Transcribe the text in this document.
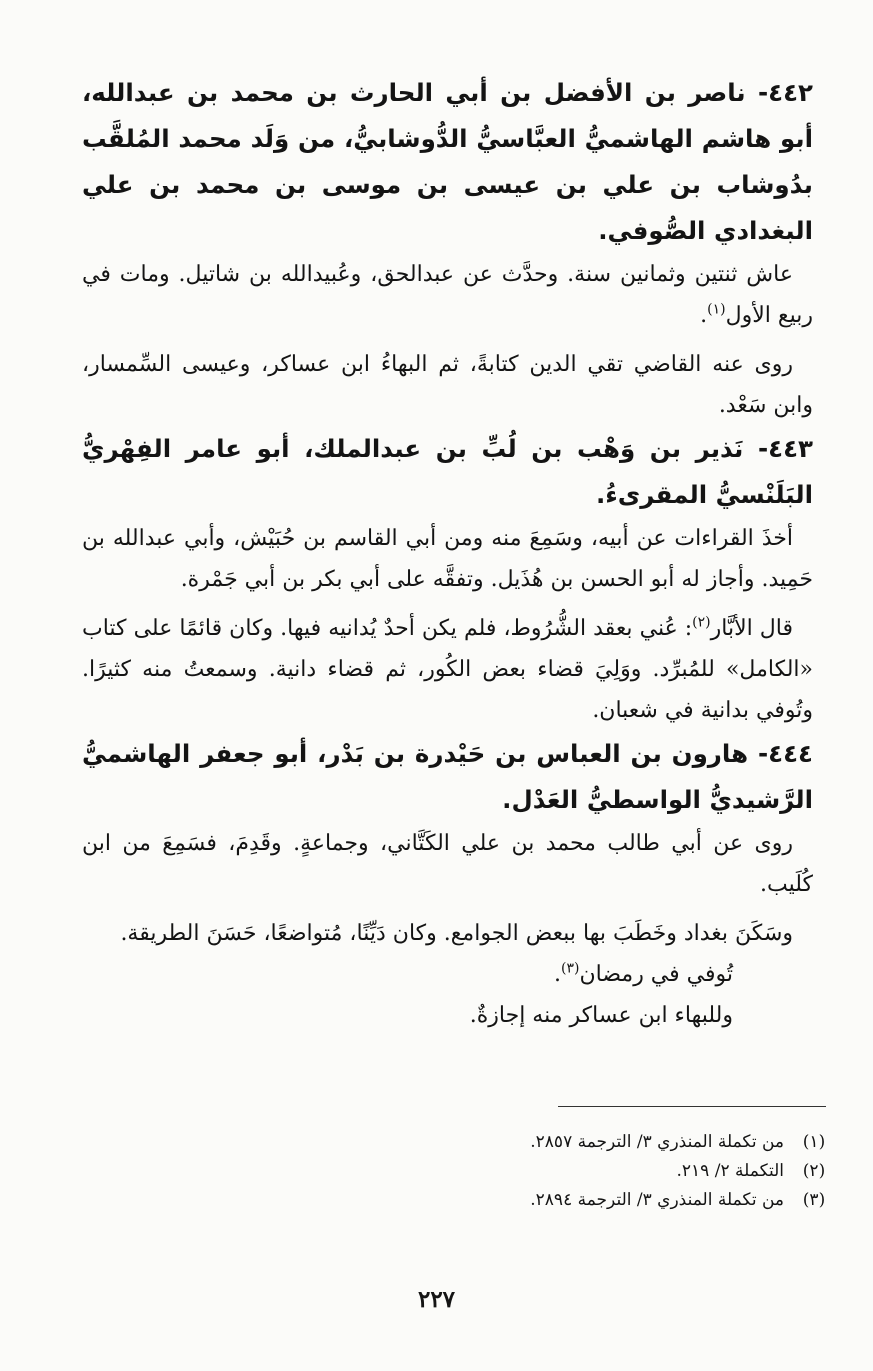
٤٤٢- ناصر بن الأفضل بن أبي الحارث بن محمد بن عبدالله، أبو هاشم الهاشميُّ العبَّاسيُّ الدُّوشابيُّ، من وَلَد محمد المُلقَّب بدُوشاب بن علي بن عيسى بن موسى بن محمد بن علي البغدادي الصُّوفي.

عاش ثنتين وثمانين سنة. وحدَّث عن عبدالحق، وعُبيدالله بن شاتيل. ومات في ربيع الأول$^{(١)}$.

روى عنه القاضي تقي الدين كتابةً، ثم البهاءُ ابن عساكر، وعيسى السِّمسار، وابن سَعْد.

٤٤٣- نَذير بن وَهْب بن لُبِّ بن عبدالملك، أبو عامر الفِهْريُّ البَلَنْسيُّ المقرىءُ.

أخذَ القراءات عن أبيه، وسَمِعَ منه ومن أبي القاسم بن حُبَيْش، وأبي عبدالله بن حَمِيد. وأجاز له أبو الحسن بن هُذَيل. وتفقَّه على أبي بكر بن أبي جَمْرة.

قال الأبَّار$^{(٢)}$: عُني بعقد الشُّرُوط، فلم يكن أحدٌ يُدانيه فيها. وكان قائمًا على كتاب «الكامل» للمُبرِّد. ووَلِيَ قضاء بعض الكُور، ثم قضاء دانية. وسمعتُ منه كثيرًا. وتُوفي بدانية في شعبان.

٤٤٤- هارون بن العباس بن حَيْدرة بن بَدْر، أبو جعفر الهاشميُّ الرَّشيديُّ الواسطيُّ العَدْل.

روى عن أبي طالب محمد بن علي الكَتَّاني، وجماعةٍ. وقَدِمَ، فسَمِعَ من ابن كُلَيب.

وسَكَنَ بغداد وخَطَبَ بها ببعض الجوامع. وكان دَيِّنًا، مُتواضعًا، حَسَنَ الطريقة.

تُوفي في رمضان$^{(٣)}$.

وللبهاء ابن عساكر منه إجازةٌ.

(١)
من تكملة المنذري ٣/ الترجمة ٢٨٥٧.
(٢)
التكملة ٢/ ٢١٩.
(٣)
من تكملة المنذري ٣/ الترجمة ٢٨٩٤.
٢٢٧
